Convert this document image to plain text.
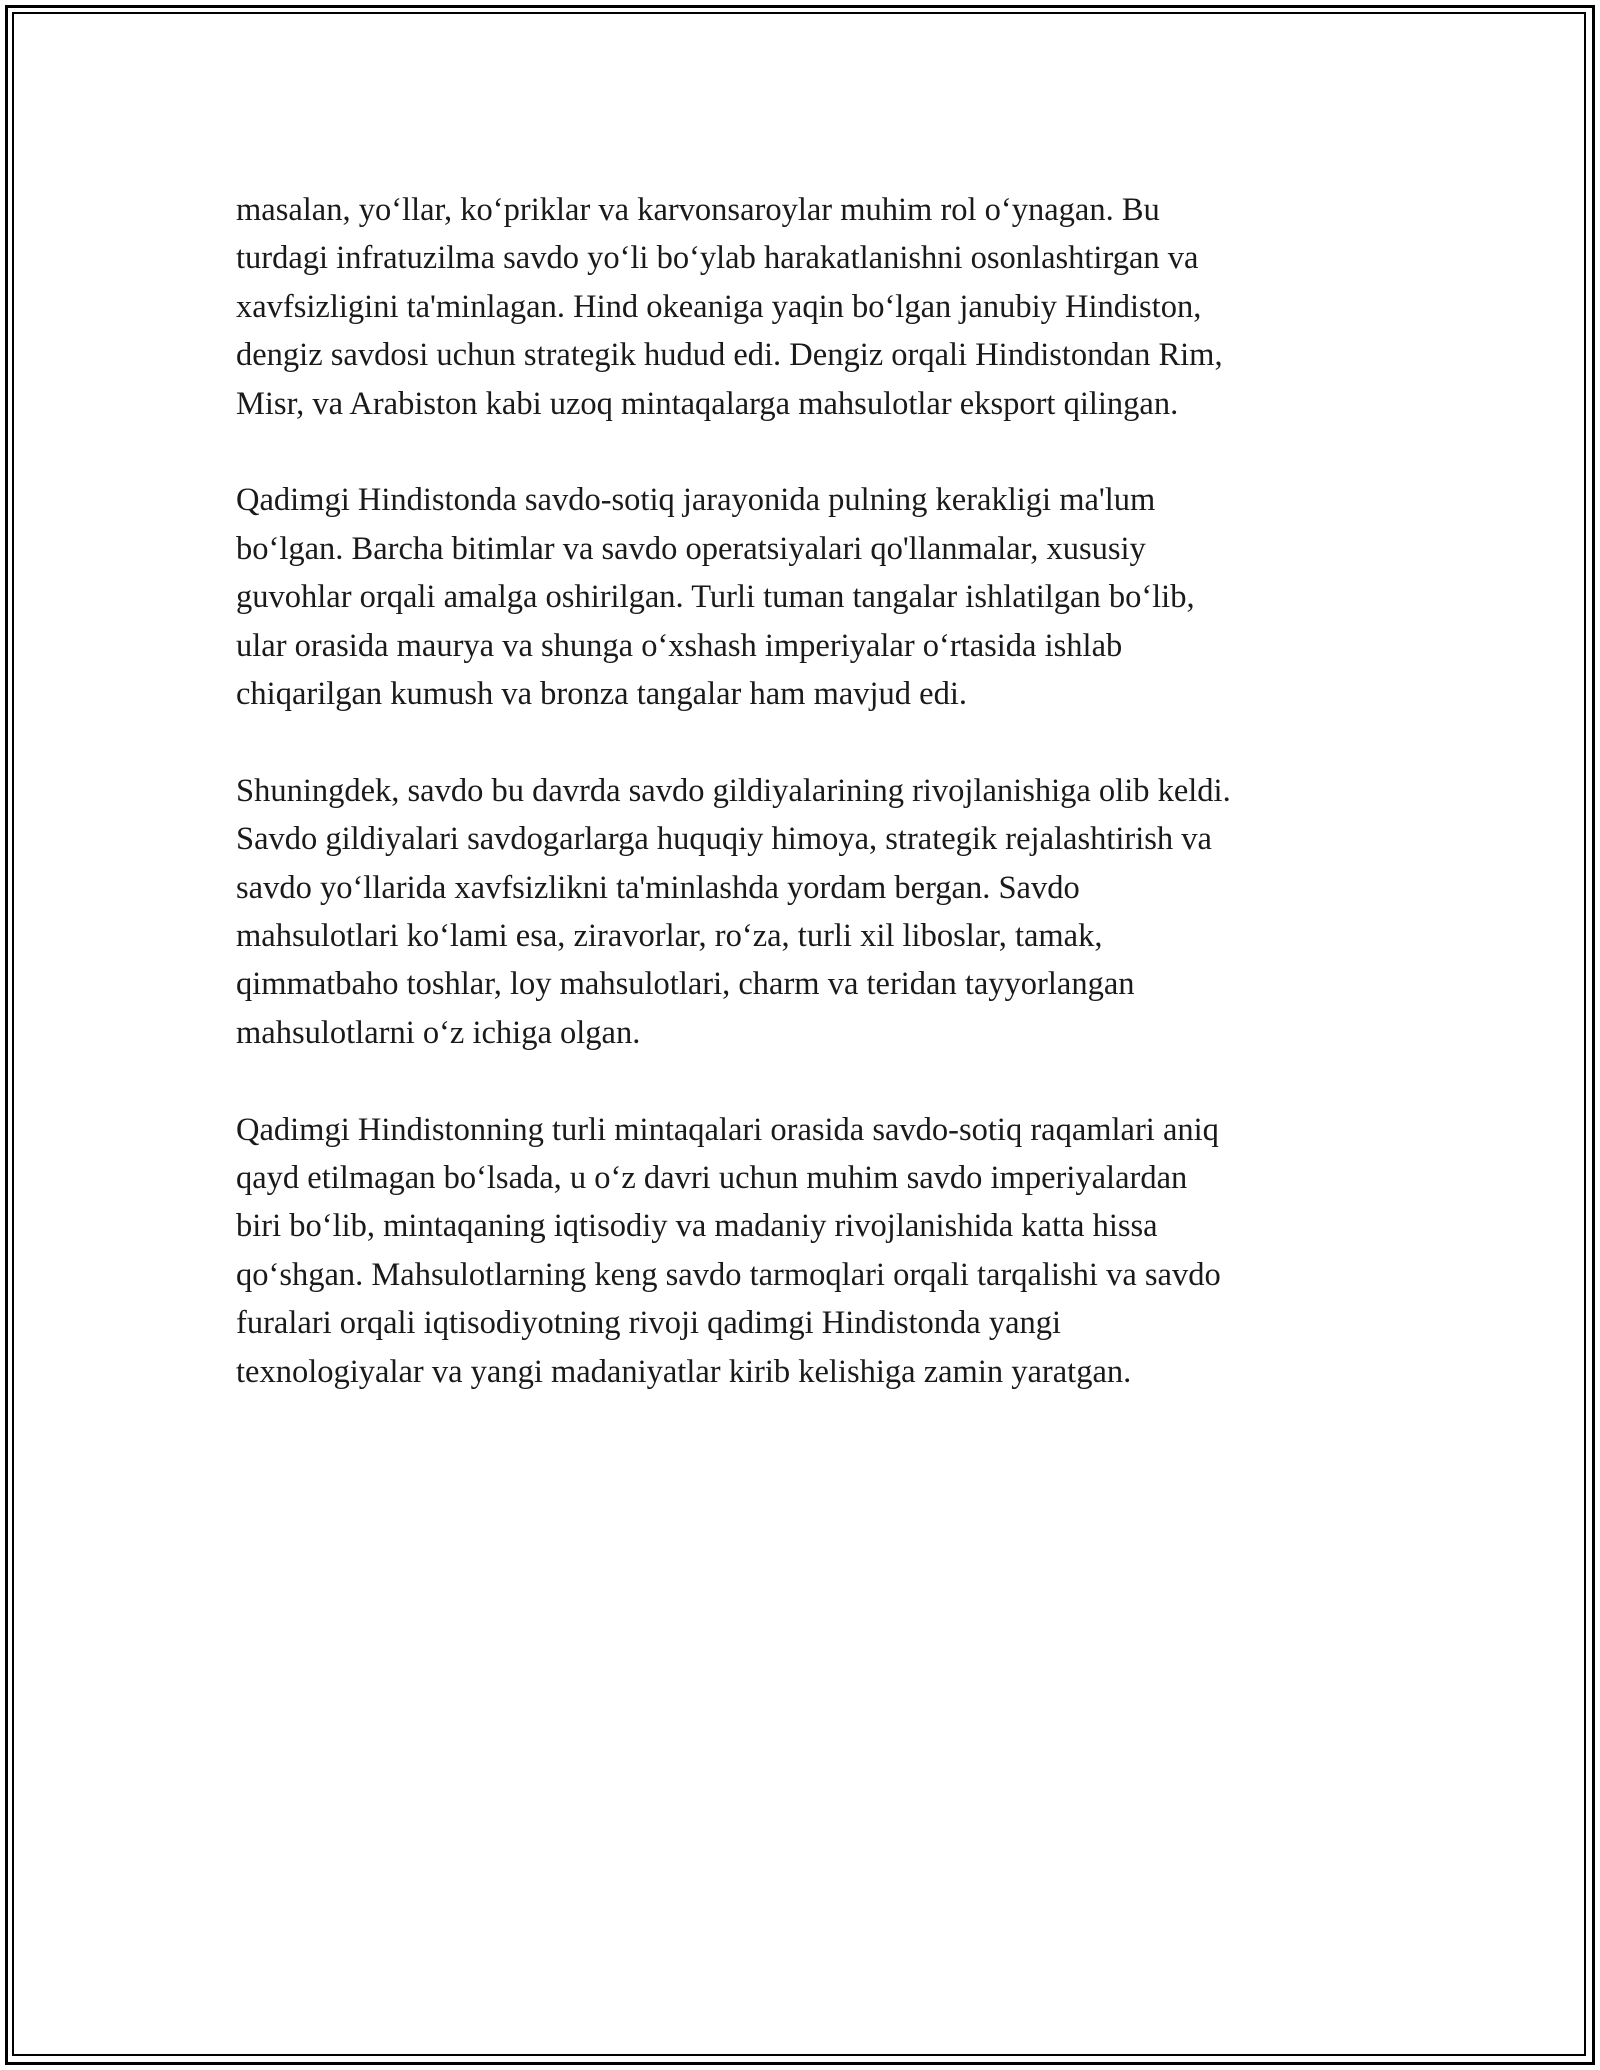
masalan, yo‘llar, ko‘priklar va karvonsaroylar muhim rol o‘ynagan. Bu
turdagi infratuzilma savdo yo‘li bo‘ylab harakatlanishni osonlashtirgan va
xavfsizligini ta'minlagan. Hind okeaniga yaqin bo‘lgan janubiy Hindiston,
dengiz savdosi uchun strategik hudud edi. Dengiz orqali Hindistondan Rim,
Misr, va Arabiston kabi uzoq mintaqalarga mahsulotlar eksport qilingan.

Qadimgi Hindistonda savdo-sotiq jarayonida pulning kerakligi ma'lum
bo‘lgan. Barcha bitimlar va savdo operatsiyalari qo'llanmalar, xususiy
guvohlar orqali amalga oshirilgan. Turli tuman tangalar ishlatilgan bo‘lib,
ular orasida maurya va shunga o‘xshash imperiyalar o‘rtasida ishlab
chiqarilgan kumush va bronza tangalar ham mavjud edi.

Shuningdek, savdo bu davrda savdo gildiyalarining rivojlanishiga olib keldi.
Savdo gildiyalari savdogarlarga huquqiy himoya, strategik rejalashtirish va
savdo yo‘llarida xavfsizlikni ta'minlashda yordam bergan. Savdo
mahsulotlari ko‘lami esa, ziravorlar, ro‘za, turli xil liboslar, tamak,
qimmatbaho toshlar, loy mahsulotlari, charm va teridan tayyorlangan
mahsulotlarni o‘z ichiga olgan.

Qadimgi Hindistonning turli mintaqalari orasida savdo-sotiq raqamlari aniq
qayd etilmagan bo‘lsada, u o‘z davri uchun muhim savdo imperiyalardan
biri bo‘lib, mintaqaning iqtisodiy va madaniy rivojlanishida katta hissa
qo‘shgan. Mahsulotlarning keng savdo tarmoqlari orqali tarqalishi va savdo
furalari orqali iqtisodiyotning rivoji qadimgi Hindistonda yangi
texnologiyalar va yangi madaniyatlar kirib kelishiga zamin yaratgan.
